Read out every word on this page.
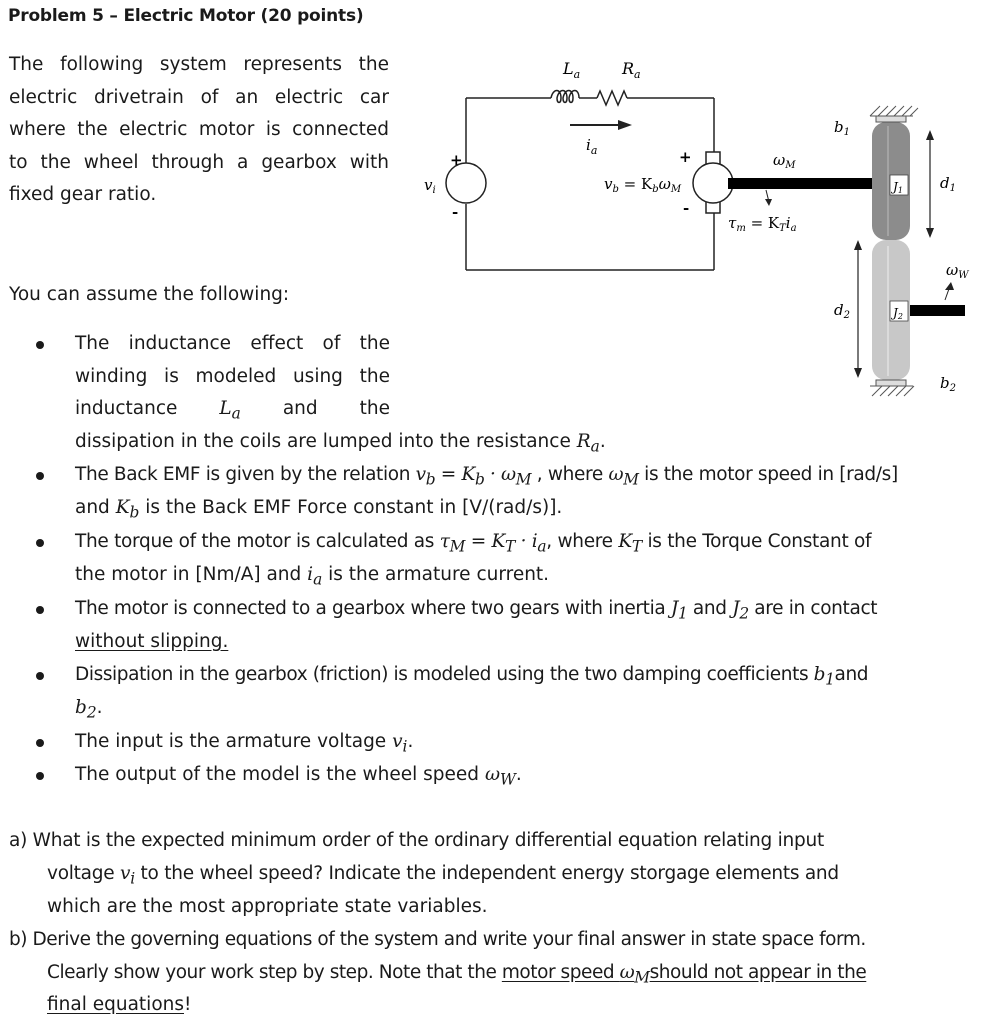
Problem 5 – Electric Motor (20 points)
The following system represents the
electric drivetrain of an electric car
where the electric motor is connected
to the wheel through a gearbox with
fixed gear ratio.
$L_a$	$R_a$
$i_a$
$v_i$
+
-
+
-
$v_b = K_b\omega_M$
$\omega_M$
$\tau_m = K_Ti_a$
$b_1$
$d_1$
J1
$\omega_W$
$d_2$	J2
$b_2$
You can assume the following:
The inductance effect of the
winding is modeled using the
inductance $L_a$ and the
dissipation in the coils are lumped into the resistance $R_a$.
The Back EMF is given by the relation $v_b = K_b \cdot \omega_M$ , where $\omega_M$ is the motor speed in [rad/s]
and $K_b$ is the Back EMF Force constant in [V/(rad/s)].
The torque of the motor is calculated as $\tau_M = K_T \cdot i_a$, where $K_T$ is the Torque Constant of
the motor in [Nm/A] and $i_a$ is the armature current.
The motor is connected to a gearbox where two gears with inertia $J_1$ and $J_2$ are in contact
without slipping.
Dissipation in the gearbox (friction) is modeled using the two damping coefficients $b_1and$
$b_2$.
The input is the armature voltage $v_i$.
The output of the model is the wheel speed $\omega_W$.
a) What is the expected minimum order of the ordinary differential equation relating input
voltage $v_i$ to the wheel speed? Indicate the independent energy storgage elements and
which are the most appropriate state variables.
b) Derive the governing equations of the system and write your final answer in state space form.
Clearly show your work step by step. Note that the motor speed $\omega_Mshould$ not appear in the
final equations!
